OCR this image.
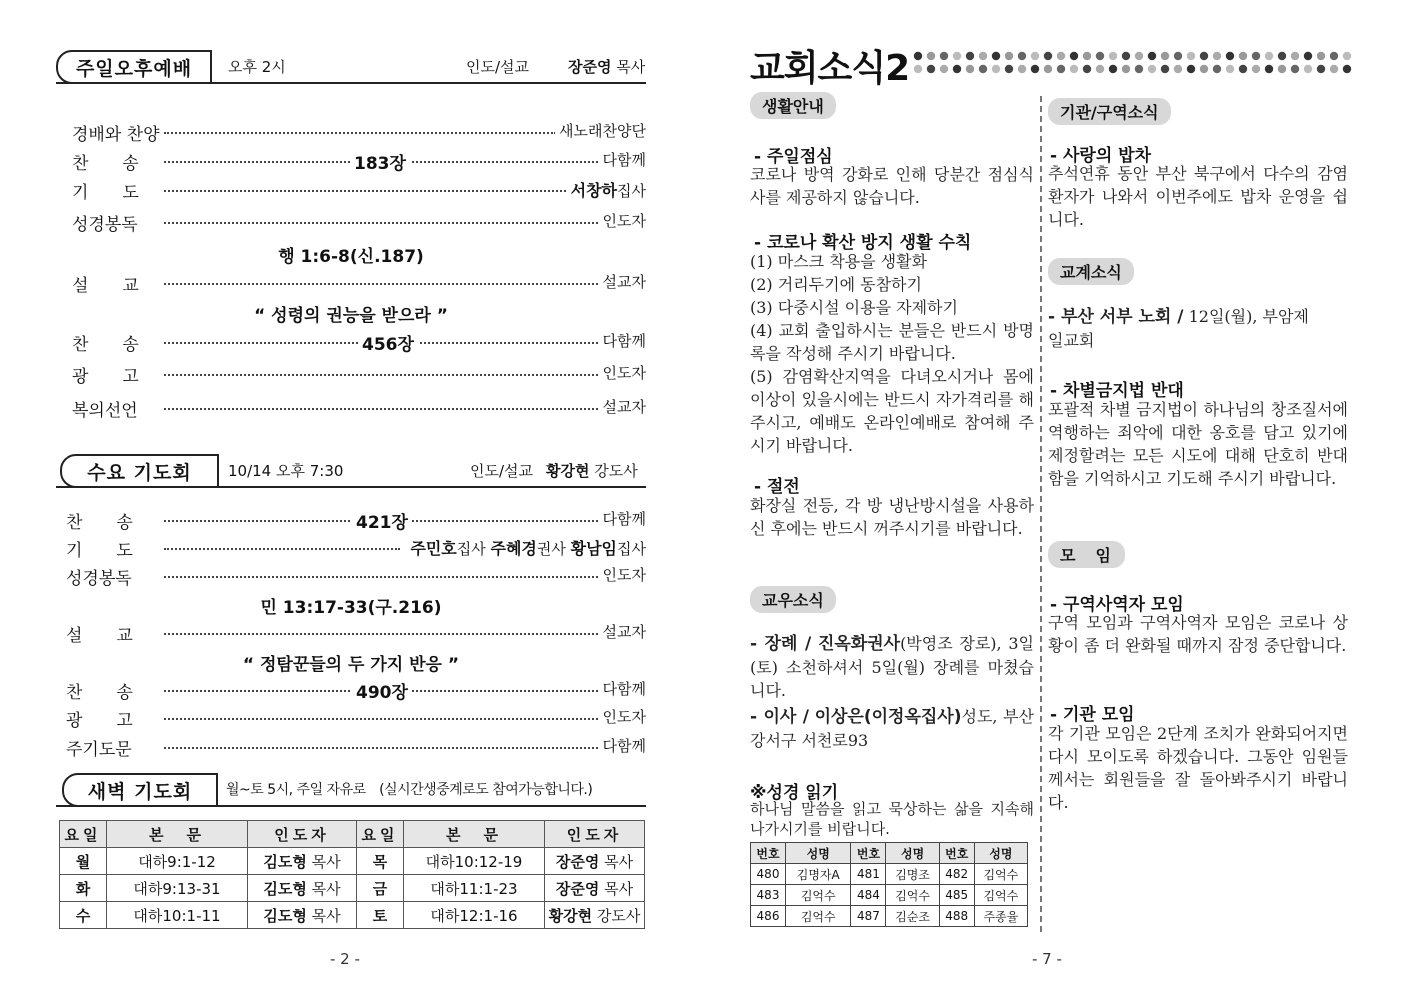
주일오후예배	오후 2시	인도/설교	장준영 목사
경배와 찬양	새노래찬양단
찬　　송	183장	다함께
기　　도	서창하집사
성경봉독	인도자
행 1:6-8(신.187)
설　　교	설교자
“ 성령의 권능을 받으라 ”
찬　　송	456장	다함께
광　　고	인도자
복의선언	설교자
수요 기도회	10/14 오후 7:30	인도/설교 황강현 강도사
찬　　송	421장	다함께
기　　도	주민호집사 주혜경권사 황남임집사
성경봉독	인도자
민 13:17-33(구.216)
설　　교	설교자
“ 정탐꾼들의 두 가지 반응 ”
찬　　송	490장	다함께
광　　고	인도자
주기도문	다함께
새벽 기도회	월~토 5시, 주일 자유로　(실시간생중계로도 참여가능합니다.)
요일	본　문	인도자	요일	본　문	인도자
월	대하9:1-12	김도형 목사	목	대하10:12-19	장준영 목사
화	대하9:13-31	김도형 목사	금	대하11:1-23	장준영 목사
수	대하10:1-11	김도형 목사	토	대하12:1-16	황강현 강도사
- 2 -
교회소식2
생활안내
- 주일점심
코로나 방역 강화로 인해 당분간 점심식사를 제공하지 않습니다.
- 코로나 확산 방지 생활 수칙
(1) 마스크 착용을 생활화
(2) 거리두기에 동참하기
(3) 다중시설 이용을 자제하기
(4) 교회 출입하시는 분들은 반드시 방명록을 작성해 주시기 바랍니다.
(5) 감염확산지역을 다녀오시거나 몸에 이상이 있을시에는 반드시 자가격리를 해주시고, 예배도 온라인예배로 참여해 주시기 바랍니다.
- 절전
화장실 전등, 각 방 냉난방시설을 사용하신 후에는 반드시 꺼주시기를 바랍니다.
교우소식
- 장례 / 진옥화권사(박영조 장로), 3일(토) 소천하셔서 5일(월) 장례를 마쳤습니다.
- 이사 / 이상은(이정옥집사)성도, 부산강서구 서천로93
※성경 읽기
하나님 말씀을 읽고 묵상하는 삶을 지속해 나가시기를 비랍니다.
번호	성명	번호	성명	번호	성명
480	김명자A	481	김명조	482	김억수
483	김억수	484	김억수	485	김억수
486	김억수	487	김순조	488	주종율
기관/구역소식
- 사랑의 밥차
추석연휴 동안 부산 북구에서 다수의 감염환자가 나와서 이번주에도 밥차 운영을 쉽니다.
교계소식
- 부산 서부 노회 / 12일(월), 부암제
일교회
- 차별금지법 반대
포괄적 차별 금지법이 하나님의 창조질서에 역행하는 죄악에 대한 옹호를 담고 있기에 제정할려는 모든 시도에 대해 단호히 반대함을 기억하시고 기도해 주시기 바랍니다.
모　임
- 구역사역자 모임
구역 모임과 구역사역자 모임은 코로나 상황이 좀 더 완화될 때까지 잠정 중단합니다.
- 기관 모임
각 기관 모임은 2단계 조치가 완화되어지면 다시 모이도록 하겠습니다. 그동안 임원들께서는 회원들을 잘 돌아봐주시기 바랍니다.
- 7 -
